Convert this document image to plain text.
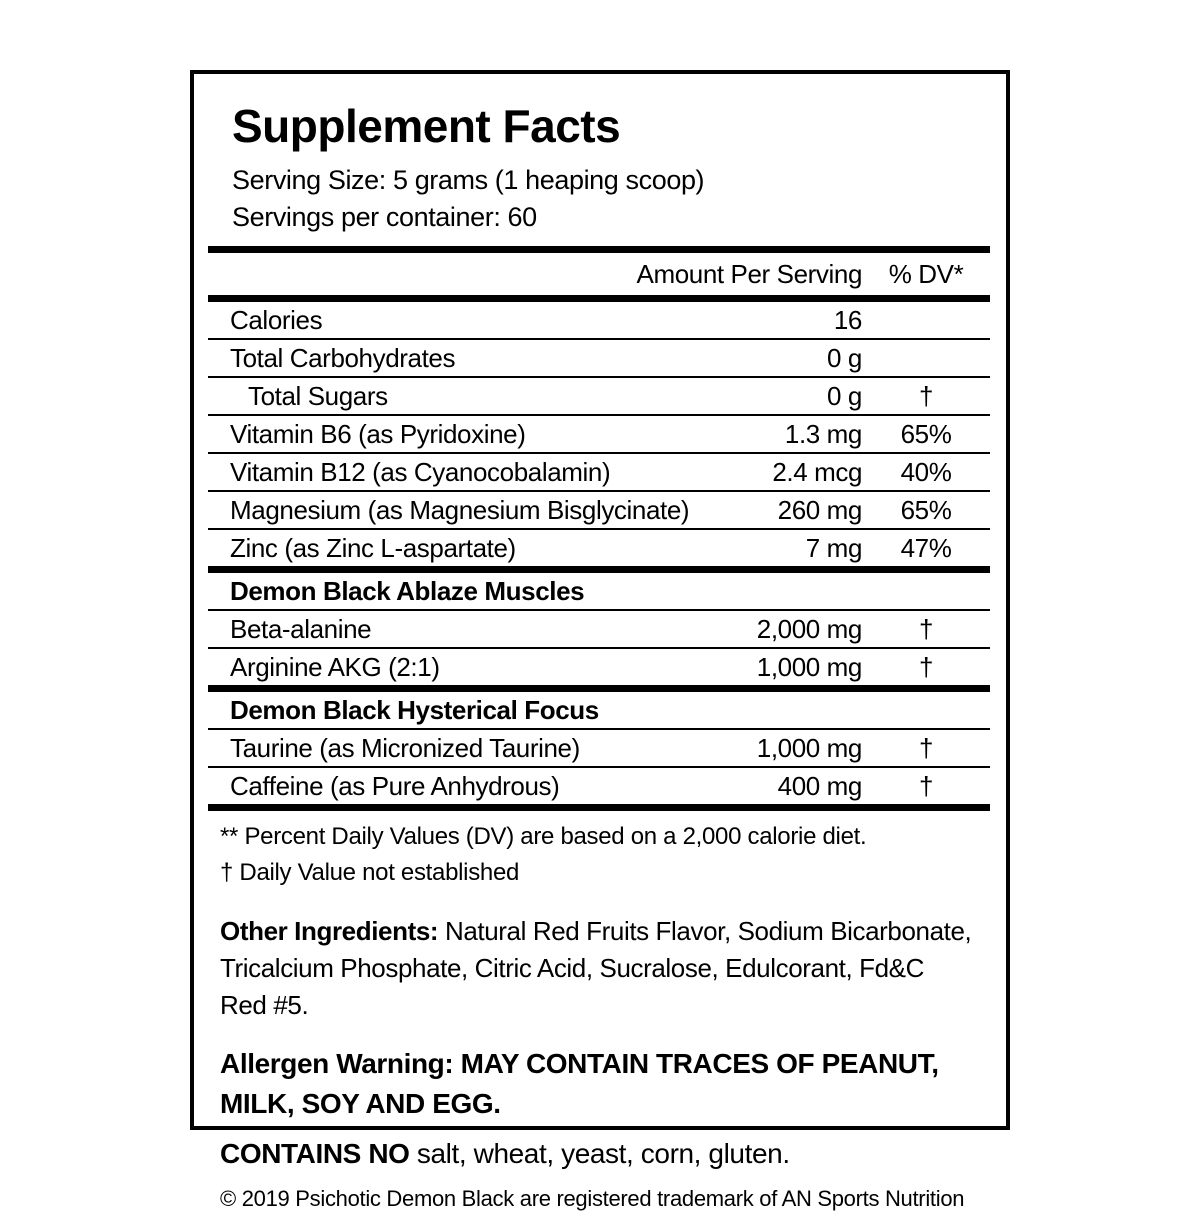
Supplement Facts
Serving Size: 5 grams (1 heaping scoop)
Servings per container: 60
Amount Per Serving	% DV*
Calories	16
Total Carbohydrates	0 g
Total Sugars	0 g	†
Vitamin B6 (as Pyridoxine)	1.3 mg	65%
Vitamin B12 (as Cyanocobalamin)	2.4 mcg	40%
Magnesium (as Magnesium Bisglycinate)	260 mg	65%
Zinc (as Zinc L-aspartate)	7 mg	47%
Demon Black Ablaze Muscles
Beta-alanine	2,000 mg	†
Arginine AKG (2:1)	1,000 mg	†
Demon Black Hysterical Focus
Taurine (as Micronized Taurine)	1,000 mg	†
Caffeine (as Pure Anhydrous)	400 mg	†
** Percent Daily Values (DV) are based on a 2,000 calorie diet.
† Daily Value not established
Other Ingredients: Natural Red Fruits Flavor, Sodium Bicarbonate, Tricalcium Phosphate, Citric Acid, Sucralose, Edulcorant, Fd&C Red #5.
Allergen Warning: MAY CONTAIN TRACES OF PEANUT, MILK, SOY AND EGG.
CONTAINS NO salt, wheat, yeast, corn, gluten.
© 2019 Psichotic Demon Black are registered trademark of AN Sports Nutrition
